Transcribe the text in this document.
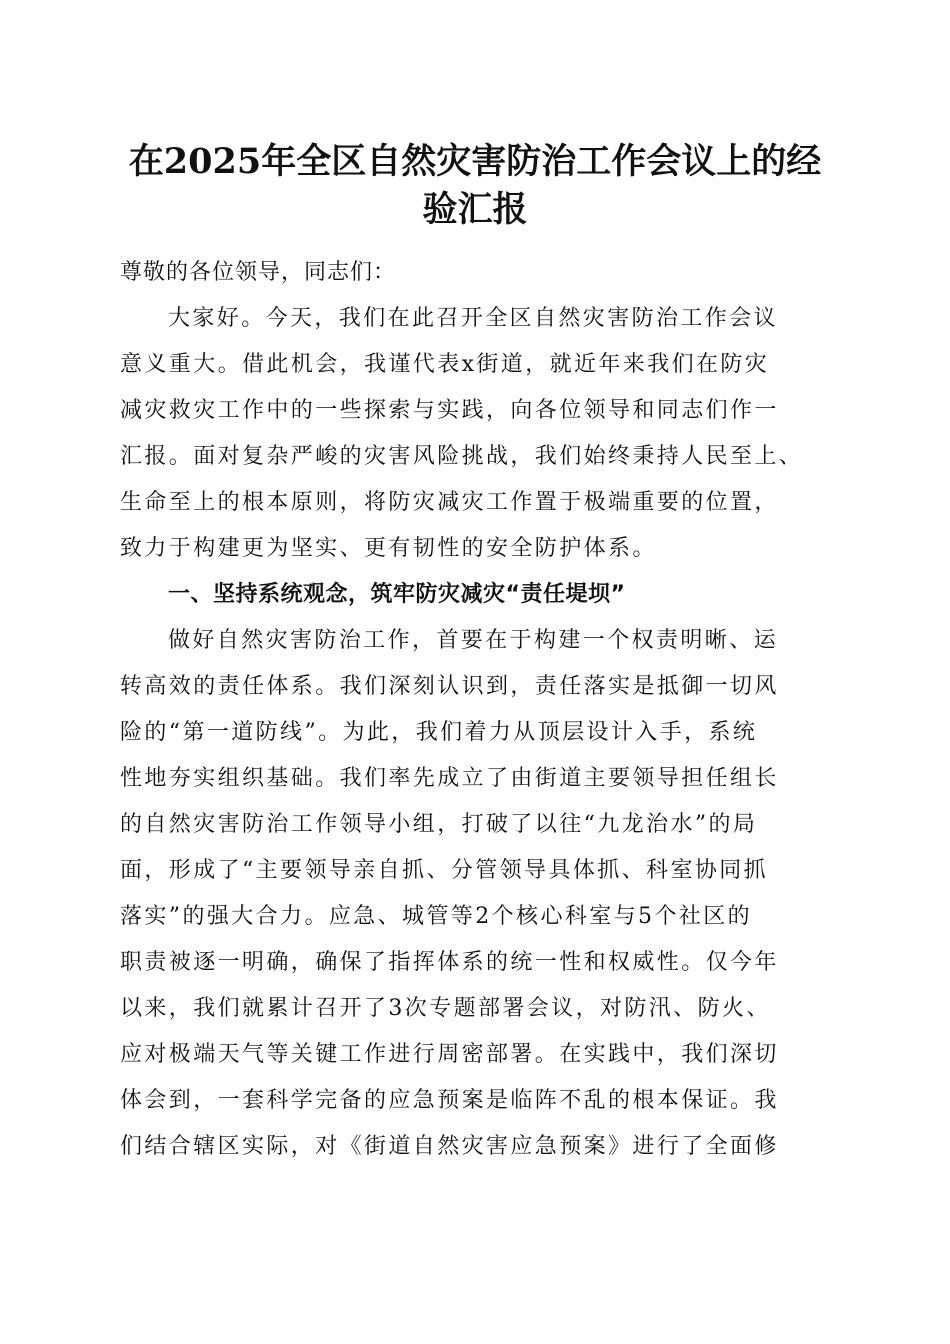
在2025年全区自然灾害防治工作会议上的经
验汇报
尊敬的各位领导，同志们：
大家好。今天，我们在此召开全区自然灾害防治工作会议
意义重大。借此机会，我谨代表x街道，就近年来我们在防灾
减灾救灾工作中的一些探索与实践，向各位领导和同志们作一
汇报。面对复杂严峻的灾害风险挑战，我们始终秉持人民至上、
生命至上的根本原则，将防灾减灾工作置于极端重要的位置，
致力于构建更为坚实、更有韧性的安全防护体系。
一、坚持系统观念，筑牢防灾减灾“责任堤坝”
做好自然灾害防治工作，首要在于构建一个权责明晰、运
转高效的责任体系。我们深刻认识到，责任落实是抵御一切风
险的“第一道防线”。为此，我们着力从顶层设计入手，系统
性地夯实组织基础。我们率先成立了由街道主要领导担任组长
的自然灾害防治工作领导小组，打破了以往“九龙治水”的局
面，形成了“主要领导亲自抓、分管领导具体抓、科室协同抓
落实”的强大合力。应急、城管等2个核心科室与5个社区的
职责被逐一明确，确保了指挥体系的统一性和权威性。仅今年
以来，我们就累计召开了3次专题部署会议，对防汛、防火、
应对极端天气等关键工作进行周密部署。在实践中，我们深切
体会到，一套科学完备的应急预案是临阵不乱的根本保证。我
们结合辖区实际，对《街道自然灾害应急预案》进行了全面修
